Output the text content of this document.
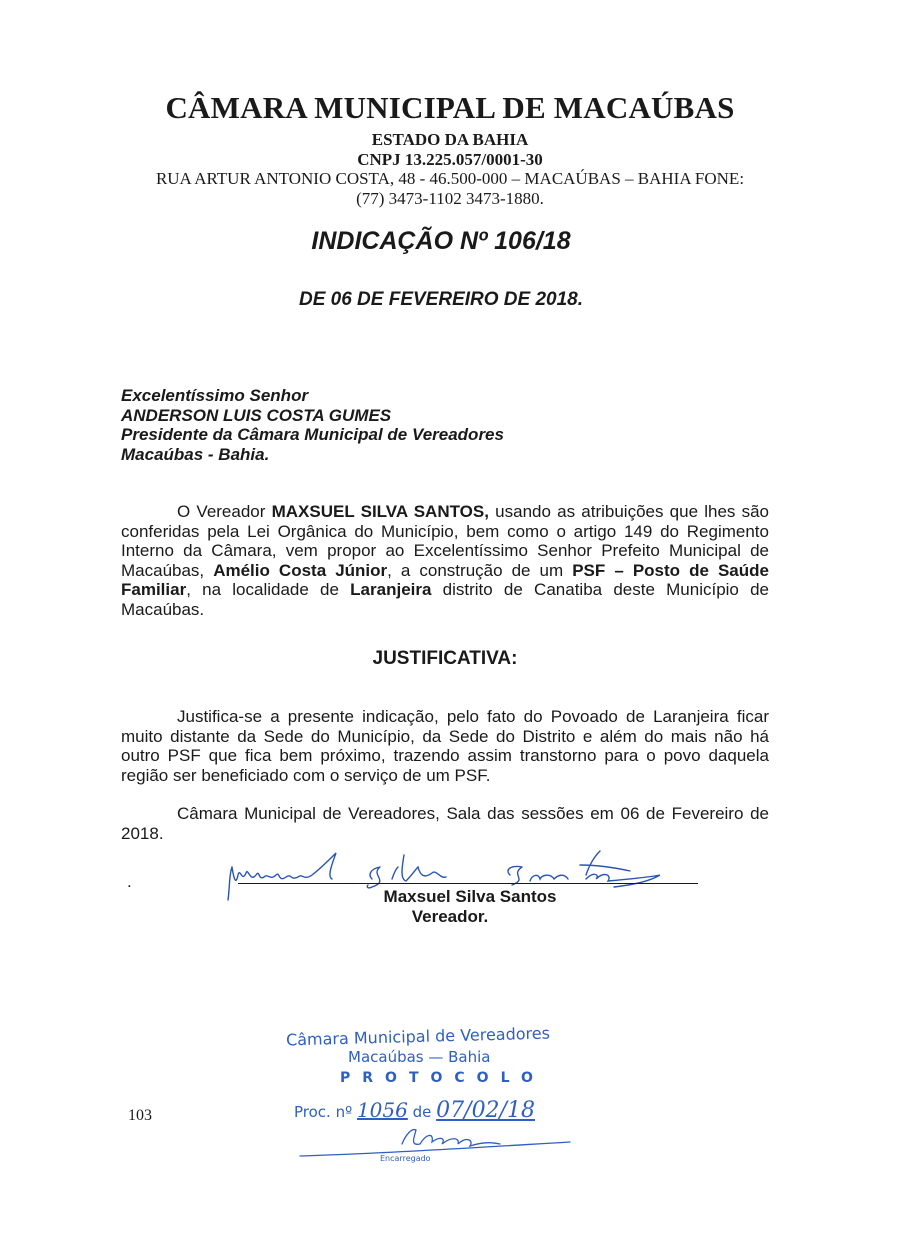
CÂMARA MUNICIPAL DE MACAÚBAS
ESTADO DA BAHIA
CNPJ 13.225.057/0001-30
RUA ARTUR ANTONIO COSTA, 48 - 46.500-000 – MACAÚBAS – BAHIA FONE:
(77) 3473-1102 3473-1880.
INDICAÇÃO Nº 106/18
DE 06 DE FEVEREIRO DE 2018.
Excelentíssimo Senhor
ANDERSON LUIS COSTA GUMES
Presidente da Câmara Municipal de Vereadores
Macaúbas - Bahia.
O Vereador MAXSUEL SILVA SANTOS, usando as atribuições que lhes são conferidas pela Lei Orgânica do Município, bem como o artigo 149 do Regimento Interno da Câmara, vem propor ao Excelentíssimo Senhor Prefeito Municipal de Macaúbas, Amélio Costa Júnior, a construção de um PSF – Posto de Saúde Familiar, na localidade de Laranjeira distrito de Canatiba deste Município de Macaúbas.
JUSTIFICATIVA:
Justifica-se a presente indicação, pelo fato do Povoado de Laranjeira ficar muito distante da Sede do Município, da Sede do Distrito e além do mais não há outro PSF que fica bem próximo, trazendo assim transtorno para o povo daquela região ser beneficiado com o serviço de um PSF.
Câmara Municipal de Vereadores, Sala das sessões em 06 de Fevereiro de 2018.
.
Maxsuel Silva Santos
Vereador.
103
Câmara Municipal de Vereadores
Macaúbas — Bahia
PROTOCOLO
Proc. nº 1056 de 07/02/18
Encarregado
